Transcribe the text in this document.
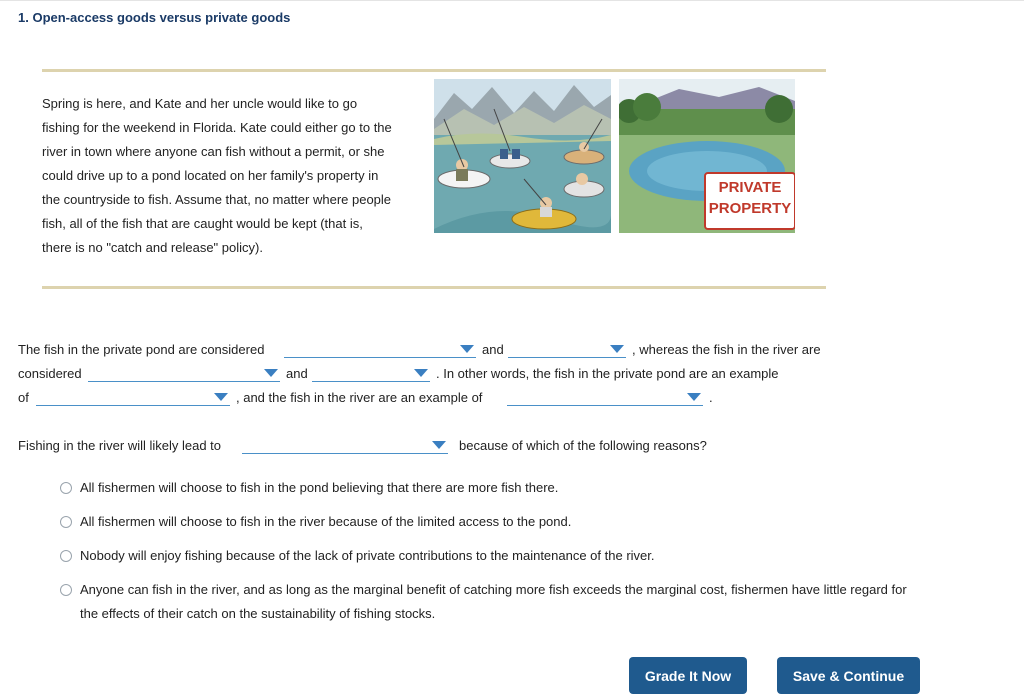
1. Open-access goods versus private goods
Spring is here, and Kate and her uncle would like to go
fishing for the weekend in Florida. Kate could either go to the
river in town where anyone can fish without a permit, or she
could drive up to a pond located on her family's property in
the countryside to fish. Assume that, no matter where people
fish, all of the fish that are caught would be kept (that is,
there is no "catch and release" policy).
PRIVATE
PROPERTY
The fish in the private pond are considered	and	, whereas the fish in the river are
considered	and	. In other words, the fish in the private pond are an example
of	, and the fish in the river are an example of	.
Fishing in the river will likely lead to	because of which of the following reasons?
All fishermen will choose to fish in the pond believing that there are more fish there.
All fishermen will choose to fish in the river because of the limited access to the pond.
Nobody will enjoy fishing because of the lack of private contributions to the maintenance of the river.
Anyone can fish in the river, and as long as the marginal benefit of catching more fish exceeds the marginal cost, fishermen have little regard for the effects of their catch on the sustainability of fishing stocks.
Grade It Now	Save & Continue
